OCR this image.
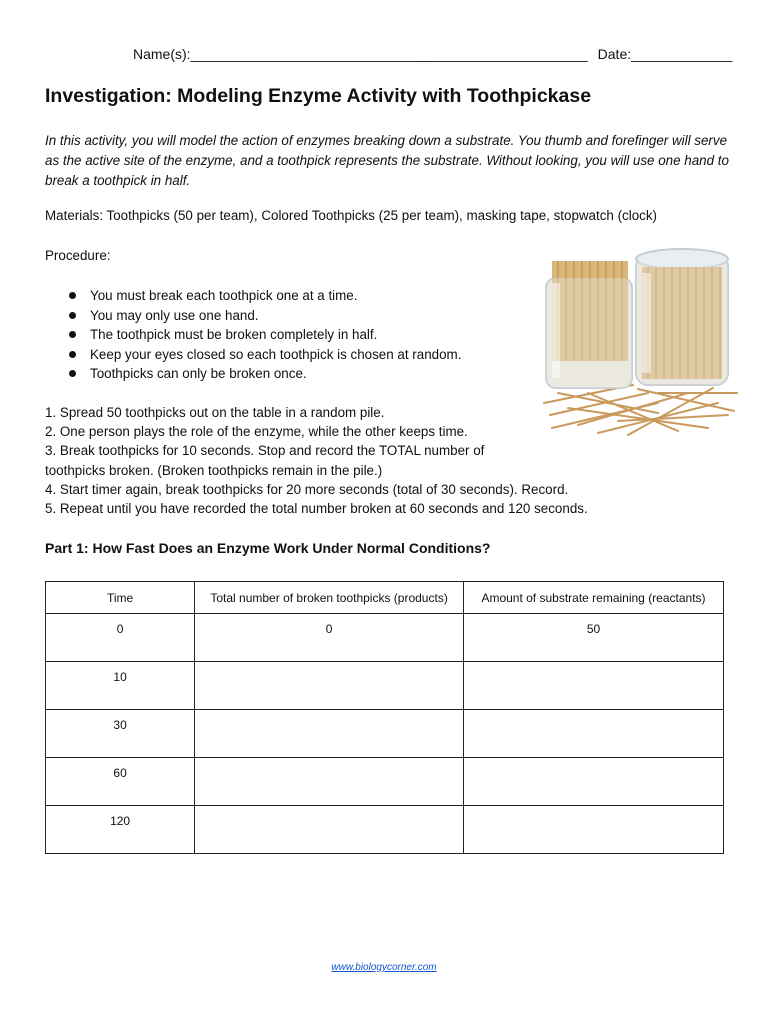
Name(s):___________________________________________________ Date:_____________
Investigation: Modeling Enzyme Activity with Toothpickase
In this activity, you will model the action of enzymes breaking down a substrate. You thumb and forefinger will serve as the active site of the enzyme, and a toothpick represents the substrate. Without looking, you will use one hand to break a toothpick in half.
Materials: Toothpicks (50 per team), Colored Toothpicks (25 per team), masking tape, stopwatch (clock)
Procedure:
You must break each toothpick one at a time.
You may only use one hand.
The toothpick must be broken completely in half.
Keep your eyes closed so each toothpick is chosen at random.
Toothpicks can only be broken once.
1. Spread 50 toothpicks out on the table in a random pile.
2. One person plays the role of the enzyme, while the other keeps time.
3. Break toothpicks for 10 seconds. Stop and record the TOTAL number of
toothpicks broken. (Broken toothpicks remain in the pile.)
4. Start timer again, break toothpicks for 20 more seconds (total of 30 seconds). Record.
5. Repeat until you have recorded the total number broken at 60 seconds and 120 seconds.
Part 1: How Fast Does an Enzyme Work Under Normal Conditions?
Time	Total number of broken toothpicks (products)	Amount of substrate remaining (reactants)
0	0	50
10		
30		
60		
120		
www.biologycorner.com
